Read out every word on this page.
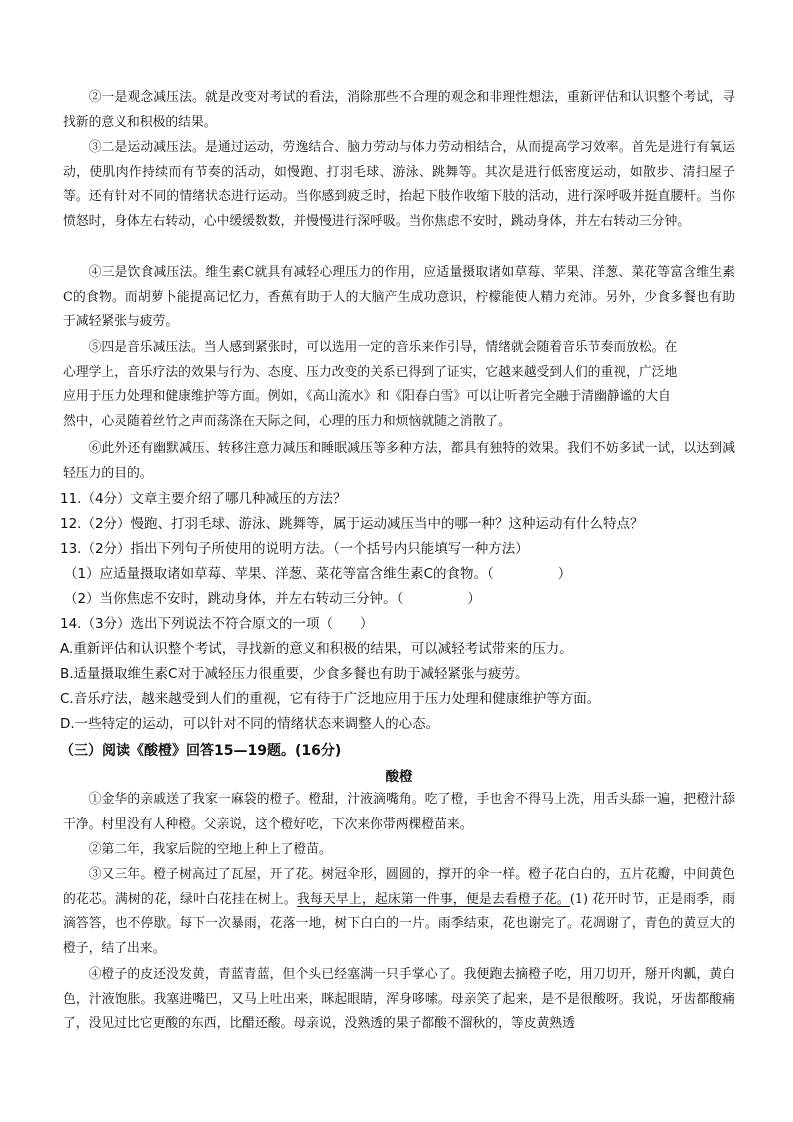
②一是观念减压法。就是改变对考试的看法，消除那些不合理的观念和非理性想法，重新评估和认识整个考试，寻找新的意义和积极的结果。

③二是运动减压法。是通过运动，劳逸结合、脑力劳动与体力劳动相结合，从而提高学习效率。首先是进行有氧运动，使肌肉作持续而有节奏的活动，如慢跑、打羽毛球、游泳、跳舞等。其次是进行低密度运动，如散步、清扫屋子等。还有针对不同的情绪状态进行运动。当你感到疲乏时，抬起下肢作收缩下肢的活动，进行深呼吸并挺直腰杆。当你愤怒时，身体左右转动，心中缓缓数数，并慢慢进行深呼吸。当你焦虑不安时，跳动身体，并左右转动三分钟。

④三是饮食减压法。维生素C就具有减轻心理压力的作用，应适量摄取诸如草莓、苹果、洋葱、菜花等富含维生素C的食物。而胡萝卜能提高记忆力，香蕉有助于人的大脑产生成功意识，柠檬能使人精力充沛。另外，少食多餐也有助于减轻紧张与疲劳。

⑤四是音乐减压法。当人感到紧张时，可以选用一定的音乐来作引导，情绪就会随着音乐节奏而放松。在

心理学上，音乐疗法的效果与行为、态度、压力改变的关系已得到了证实，它越来越受到人们的重视，广泛地

应用于压力处理和健康维护等方面。例如，《高山流水》和《阳春白雪》可以让听者完全融于清幽静谧的大自

然中，心灵随着丝竹之声而荡涤在天际之间，心理的压力和烦恼就随之消散了。

⑥此外还有幽默减压、转移注意力减压和睡眠减压等多种方法，都具有独特的效果。我们不妨多试一试，以达到减轻压力的目的。

11.（4分）文章主要介绍了哪几种减压的方法？

12.（2分）慢跑、打羽毛球、游泳、跳舞等，属于运动减压当中的哪一种？这种运动有什么特点？

13.（2分）指出下列句子所使用的说明方法。（一个括号内只能填写一种方法）

（1）应适量摄取诸如草莓、苹果、洋葱、菜花等富含维生素C的食物。（	）

（2）当你焦虑不安时，跳动身体，并左右转动三分钟。（	）

14.（3分）选出下列说法不符合原文的一项（　　）

A.重新评估和认识整个考试，寻找新的意义和积极的结果，可以减轻考试带来的压力。

B.适量摄取维生素C对于减轻压力很重要，少食多餐也有助于减轻紧张与疲劳。

C.音乐疗法，越来越受到人们的重视，它有待于广泛地应用于压力处理和健康维护等方面。

D.一些特定的运动，可以针对不同的情绪状态来调整人的心态。

（三）阅读《酸橙》回答15—19题。(16分)

酸橙

①金华的亲戚送了我家一麻袋的橙子。橙甜，汁液滴嘴角。吃了橙，手也舍不得马上洗，用舌头舔一遍，把橙汁舔干净。村里没有人种橙。父亲说，这个橙好吃，下次来你带两棵橙苗来。

②第二年，我家后院的空地上种上了橙苗。

③又三年。橙子树高过了瓦屋，开了花。树冠伞形，圆圆的，撑开的伞一样。橙子花白白的，五片花瓣，中间黄色的花芯。满树的花，绿叶白花挂在树上。我每天早上，起床第一件事，便是去看橙子花。(1) 花开时节，正是雨季，雨滴答答，也不停歇。每下一次暴雨，花落一地，树下白白的一片。雨季结束，花也谢完了。花凋谢了，青色的黄豆大的橙子，结了出来。

④橙子的皮还没发黄，青蓝青蓝，但个头已经塞满一只手掌心了。我便跑去摘橙子吃，用刀切开，掰开肉瓤，黄白色，汁液饱胀。我塞进嘴巴，又马上吐出来，眯起眼睛，浑身哆嗦。母亲笑了起来，是不是很酸呀。我说，牙齿都酸痛了，没见过比它更酸的东西，比醋还酸。母亲说，没熟透的果子都酸不溜秋的，等皮黄熟透
